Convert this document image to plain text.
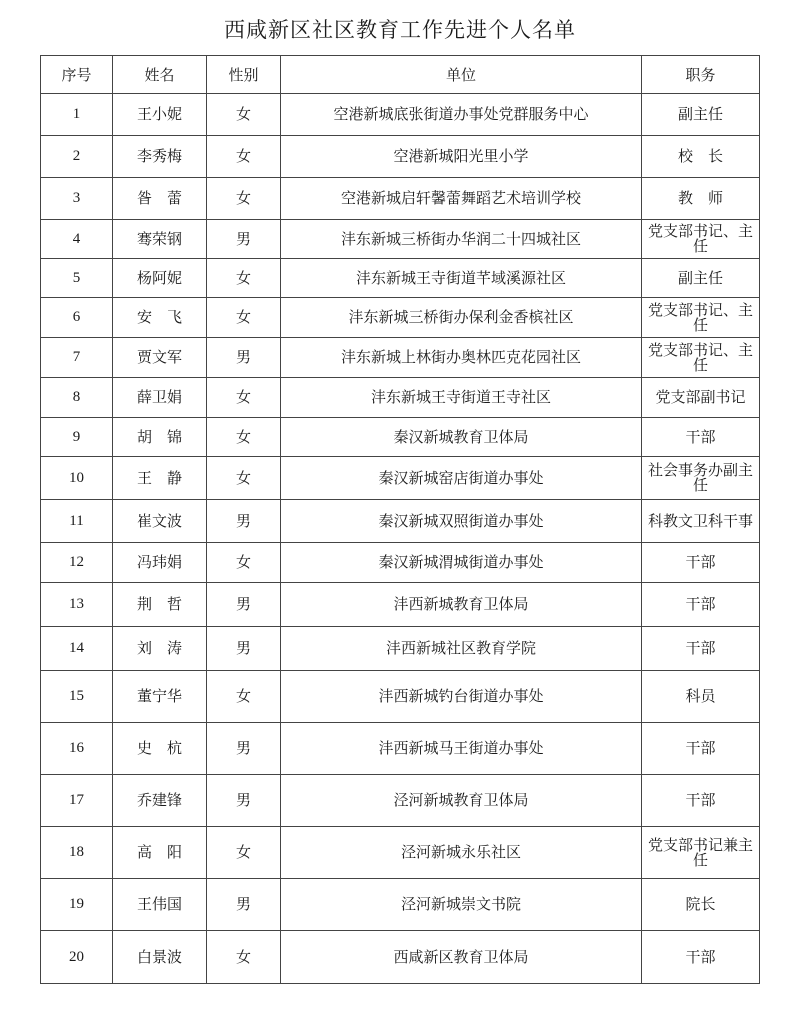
西咸新区社区教育工作先进个人名单
序号	姓名	性别	单位	职务
1	王小妮	女	空港新城底张街道办事处党群服务中心	副主任
2	李秀梅	女	空港新城阳光里小学	校　长
3	昝　蕾	女	空港新城启轩馨蕾舞蹈艺术培训学校	教　师
4	骞荣钢	男	沣东新城三桥街办华润二十四城社区	党支部书记、主任
5	杨阿妮	女	沣东新城王寺街道芊域溪源社区	副主任
6	安　飞	女	沣东新城三桥街办保利金香槟社区	党支部书记、主任
7	贾文军	男	沣东新城上林街办奥林匹克花园社区	党支部书记、主任
8	薛卫娟	女	沣东新城王寺街道王寺社区	党支部副书记
9	胡　锦	女	秦汉新城教育卫体局	干部
10	王　静	女	秦汉新城窑店街道办事处	社会事务办副主任
11	崔文波	男	秦汉新城双照街道办事处	科教文卫科干事
12	冯玮娟	女	秦汉新城渭城街道办事处	干部
13	荆　哲	男	沣西新城教育卫体局	干部
14	刘　涛	男	沣西新城社区教育学院	干部
15	董宁华	女	沣西新城钓台街道办事处	科员
16	史　杭	男	沣西新城马王街道办事处	干部
17	乔建锋	男	泾河新城教育卫体局	干部
18	高　阳	女	泾河新城永乐社区	党支部书记兼主任
19	王伟国	男	泾河新城崇文书院	院长
20	白景波	女	西咸新区教育卫体局	干部
